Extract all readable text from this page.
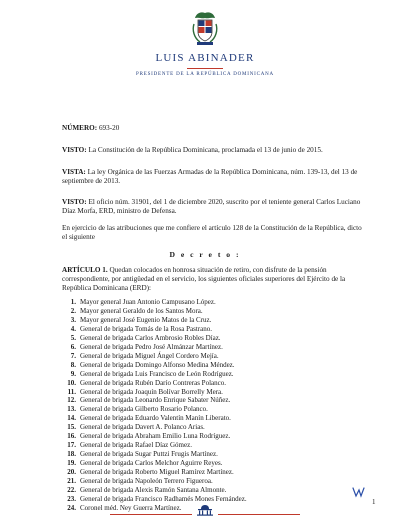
LUIS ABINADER
PRESIDENTE DE LA REPÚBLICA DOMINICANA
NÚMERO: 693-20
VISTO: La Constitución de la República Dominicana, proclamada el 13 de junio de 2015.
VISTA: La ley Orgánica de las Fuerzas Armadas de la República Dominicana, núm. 139-13, del 13 de septiembre de 2013.
VISTO: El oficio núm. 31901, del 1 de diciembre 2020, suscrito por el teniente general Carlos Luciano Díaz Morfa, ERD, ministro de Defensa.
En ejercicio de las atribuciones que me confiere el artículo 128 de la Constitución de la República, dicto el siguiente
D e c r e t o :
ARTÍCULO 1. Quedan colocados en honrosa situación de retiro, con disfrute de la pensión correspondiente, por antigüedad en el servicio, los siguientes oficiales superiores del Ejército de la República Dominicana (ERD):
1. Mayor general Juan Antonio Campusano López.
2. Mayor general Geraldo de los Santos Mora.
3. Mayor general José Eugenio Matos de la Cruz.
4. General de brigada Tomás de la Rosa Pastrano.
5. General de brigada Carlos Ambrosio Robles Díaz.
6. General de brigada Pedro José Almánzar Martínez.
7. General de brigada Miguel Ángel Cordero Mejía.
8. General de brigada Domingo Alfonso Medina Méndez.
9. General de brigada Luis Francisco de León Rodríguez.
10. General de brigada Rubén Darío Contreras Polanco.
11. General de brigada Joaquín Bolívar Borrelly Mera.
12. General de brigada Leonardo Enrique Sabater Núñez.
13. General de brigada Gilberto Rosario Polanco.
14. General de brigada Eduardo Valentín Manín Liberato.
15. General de brigada Davert A. Polanco Arias.
16. General de brigada Abraham Emilio Luna Rodríguez.
17. General de brigada Rafael Díaz Gómez.
18. General de brigada Sugar Puttzi Frugis Martínez.
19. General de brigada Carlos Melchor Aguirre Reyes.
20. General de brigada Roberto Miguel Ramírez Martínez.
21. General de brigada Napoleón Terrero Figueroa.
22. General de brigada Alexis Ramón Santana Almonte.
23. General de brigada Francisco Radhamés Mones Fernández.
24. Coronel méd. Ney Guerra Martínez.
1
